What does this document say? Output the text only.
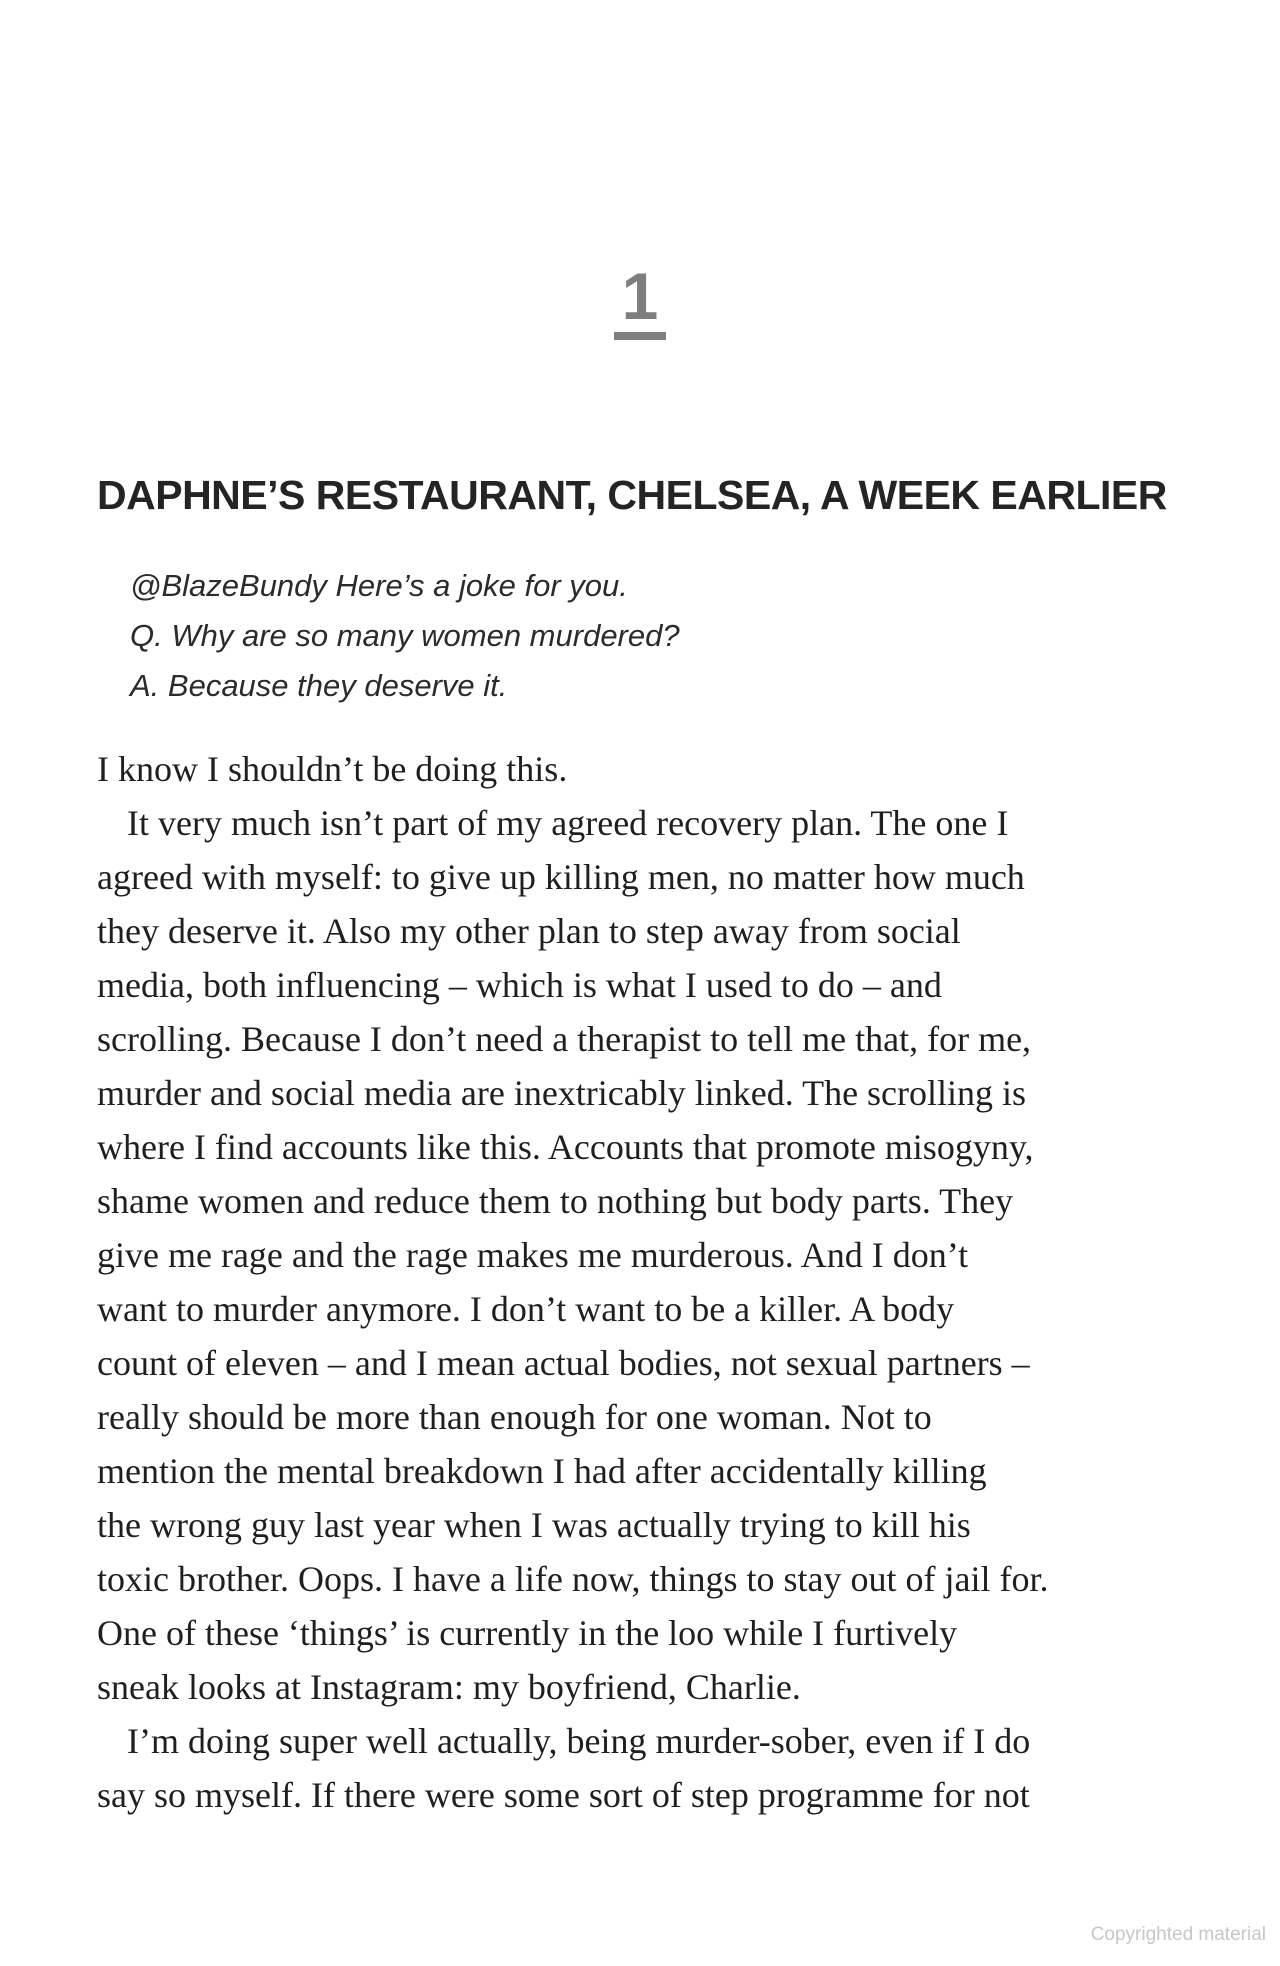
1
DAPHNE’S RESTAURANT, CHELSEA, A WEEK EARLIER
@BlazeBundy Here’s a joke for you.
Q. Why are so many women murdered?
A. Because they deserve it.
I know I shouldn’t be doing this.
It very much isn’t part of my agreed recovery plan. The one I
agreed with myself: to give up killing men, no matter how much
they deserve it. Also my other plan to step away from social
media, both influencing – which is what I used to do – and
scrolling. Because I don’t need a therapist to tell me that, for me,
murder and social media are inextricably linked. The scrolling is
where I find accounts like this. Accounts that promote misogyny,
shame women and reduce them to nothing but body parts. They
give me rage and the rage makes me murderous. And I don’t
want to murder anymore. I don’t want to be a killer. A body
count of eleven – and I mean actual bodies, not sexual partners –
really should be more than enough for one woman. Not to
mention the mental breakdown I had after accidentally killing
the wrong guy last year when I was actually trying to kill his
toxic brother. Oops. I have a life now, things to stay out of jail for.
One of these ‘things’ is currently in the loo while I furtively
sneak looks at Instagram: my boyfriend, Charlie.
I’m doing super well actually, being murder-sober, even if I do
say so myself. If there were some sort of step programme for not
Copyrighted material
